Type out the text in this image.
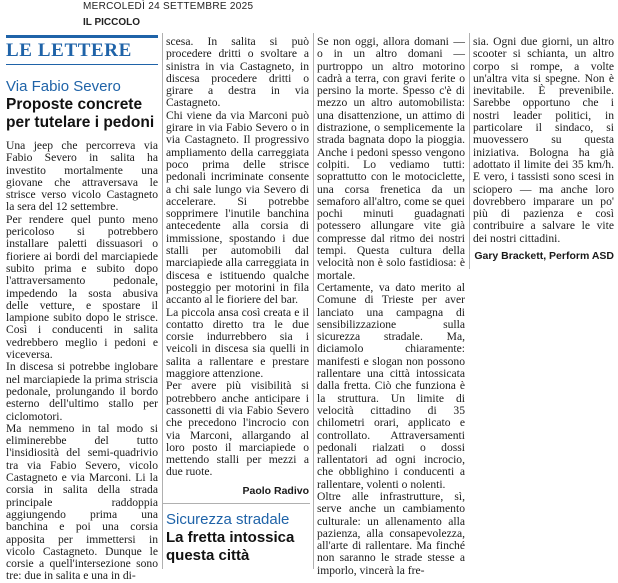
MERCOLEDÌ 24 SETTEMBRE 2025
IL PICCOLO
LE LETTERE
Via Fabio Severo
Proposte concrete per tutelare i pedoni

Una jeep che percorreva via Fabio Severo in salita ha investito mortalmente una giovane che attraversava le strisce verso vicolo Castagneto la sera del 12 settembre.

Per rendere quel punto meno pericoloso si potrebbero installare paletti dissuasori o fioriere ai bordi del marciapiede subito prima e subito dopo l'attraversamento pedonale, impedendo la sosta abusiva delle vetture, e spostare il lampione subito dopo le strisce. Così i conducenti in salita vedrebbero meglio i pedoni e viceversa.

In discesa si potrebbe inglobare nel marciapiede la prima striscia pedonale, prolungando il bordo esterno dell'ultimo stallo per ciclomotori.

Ma nemmeno in tal modo si eliminerebbe del tutto l'insidiosità del semi-quadrivio tra via Fabio Severo, vicolo Castagneto e via Marconi. Li la corsia in salita della strada principale raddoppia aggiungendo prima una banchina e poi una corsia apposita per immettersi in vicolo Castagneto. Dunque le corsie a quell'intersezione sono tre: due in salita e una in di-

scesa. In salita si può procedere dritti o svoltare a sinistra in via Castagneto, in discesa procedere dritti o girare a destra in via Castagneto.

Chi viene da via Marconi può girare in via Fabio Severo o in via Castagneto. Il progressivo ampliamento della carreggiata poco prima delle strisce pedonali incriminate consente a chi sale lungo via Severo di accelerare. Si potrebbe sopprimere l'inutile banchina antecedente alla corsia di immissione, spostando i due stalli per automobili dal marciapiede alla carreggiata in discesa e istituendo qualche posteggio per motorini in fila accanto al le fioriere del bar.

La piccola ansa così creata e il contatto diretto tra le due corsie indurrebbero sia i veicoli in discesa sia quelli in salita a rallentare e prestare maggiore attenzione.

Per avere più visibilità si potrebbero anche anticipare i cassonetti di via Fabio Severo che precedono l'incrocio con via Marconi, allargando al loro posto il marciapiede o mettendo stalli per mezzi a due ruote.

Paolo Radivo
Sicurezza stradale
La fretta intossica questa città

Se non oggi, allora domani — o in un altro domani — purtroppo un altro motorino cadrà a terra, con gravi ferite o persino la morte. Spesso c'è di mezzo un altro automobilista: una disattenzione, un attimo di distrazione, o semplicemente la strada bagnata dopo la pioggia. Anche i pedoni spesso vengono colpiti. Lo vediamo tutti: soprattutto con le motociclette, una corsa frenetica da un semaforo all'altro, come se quei pochi minuti guadagnati potessero allungare vite già compresse dal ritmo dei nostri tempi. Questa cultura della velocità non è solo fastidiosa: è mortale.

Certamente, va dato merito al Comune di Trieste per aver lanciato una campagna di sensibilizzazione sulla sicurezza stradale. Ma, diciamolo chiaramente: manifesti e slogan non possono rallentare una città intossicata dalla fretta. Ciò che funziona è la struttura. Un limite di velocità cittadino di 35 chilometri orari, applicato e controllato. Attraversamenti pedonali rialzati o dossi rallentatori ad ogni incrocio, che obblighino i conducenti a rallentare, volenti o nolenti.

Oltre alle infrastrutture, sì, serve anche un cambiamento culturale: un allenamento alla pazienza, alla consapevolezza, all'arte di rallentare. Ma finché non saranno le strade stesse a imporlo, vincerà la fre-

sia. Ogni due giorni, un altro scooter si schianta, un altro corpo si rompe, a volte un'altra vita si spegne. Non è inevitabile. È prevenibile. Sarebbe opportuno che i nostri leader politici, in particolare il sindaco, si muovessero su questa iniziativa. Bologna ha già adottato il limite dei 35 km/h. E vero, i tassisti sono scesi in sciopero — ma anche loro dovrebbero imparare un po' più di pazienza e così contribuire a salvare le vite dei nostri cittadini.

Gary Brackett, Perform ASD
